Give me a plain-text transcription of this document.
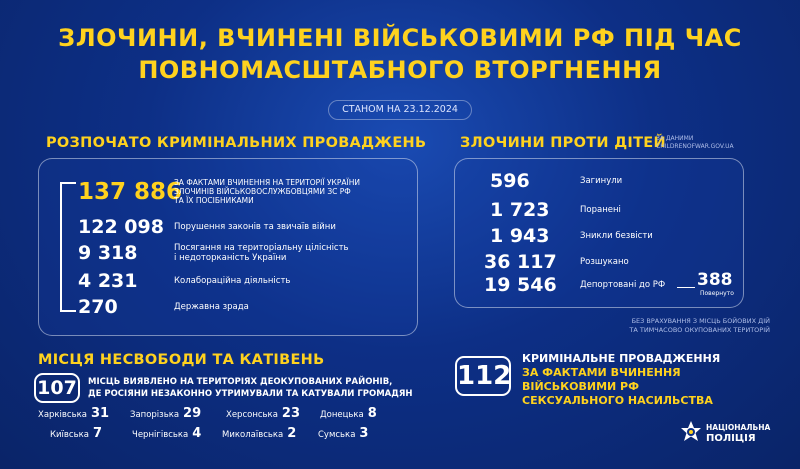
ЗЛОЧИНИ, ВЧИНЕНІ ВІЙСЬКОВИМИ РФ ПІД ЧАС
ПОВНОМАСШТАБНОГО ВТОРГНЕННЯ
СТАНОМ НА 23.12.2024
РОЗПОЧАТО КРИМІНАЛЬНИХ ПРОВАДЖЕНЬ
137 886
ЗА ФАКТАМИ ВЧИНЕННЯ НА ТЕРИТОРІЇ УКРАЇНИ
ЗЛОЧИНІВ ВІЙСЬКОВОСЛУЖБОВЦЯМИ ЗС РФ
ТА ЇХ ПОСІБНИКАМИ
122 098	Порушення законів та звичаїв війни
9 318	Посягання на територіальну цілісність
і недоторканість України
4 231	Колабораційна діяльність
270	Державна зрада
ЗЛОЧИНИ ПРОТИ ДІТЕЙ
ЗА ДАНИМИ
CHILDRENOFWAR.GOV.UA
596	Загинули
1 723	Поранені
1 943	Зникли безвісти
36 117	Розшукано
19 546	Депортовані до РФ 388
Повернуто
БЕЗ ВРАХУВАННЯ З МІСЦЬ БОЙОВИХ ДІЙ
ТА ТИМЧАСОВО ОКУПОВАНИХ ТЕРИТОРІЙ
МІСЦЯ НЕСВОБОДИ ТА КАТІВЕНЬ
107	МІСЦЬ ВИЯВЛЕНО НА ТЕРИТОРІЯХ ДЕОКУПОВАНИХ РАЙОНІВ,
ДЕ РОСІЯНИ НЕЗАКОННО УТРИМУВАЛИ ТА КАТУВАЛИ ГРОМАДЯН
Харківська 31 Запорізька 29	Херсонська 23 Донецька 8
Київська 7	Чернігівська 4 Миколаївська 2	Сумська 3
112
КРИМІНАЛЬНЕ ПРОВАДЖЕННЯ
ЗА ФАКТАМИ ВЧИНЕННЯ
ВІЙСЬКОВИМИ РФ
СЕКСУАЛЬНОГО НАСИЛЬСТВА
НАЦІОНАЛЬНА
ПОЛІЦІЯ
